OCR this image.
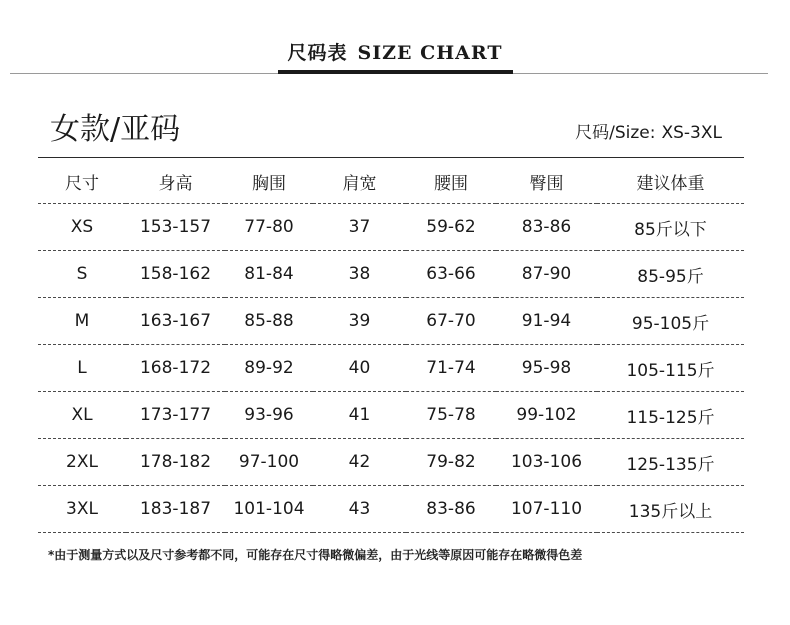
尺码表 SIZE CHART
女款/亚码	尺码/Size: XS-3XL
尺寸	身高	胸围	肩宽	腰围	臀围	建议体重
XS	153-157	77-80	37	59-62	83-86	85斤以下
S	158-162	81-84	38	63-66	87-90	85-95斤
M	163-167	85-88	39	67-70	91-94	95-105斤
L	168-172	89-92	40	71-74	95-98	105-115斤
XL	173-177	93-96	41	75-78	99-102	115-125斤
2XL	178-182	97-100	42	79-82	103-106	125-135斤
3XL	183-187	101-104	43	83-86	107-110	135斤以上
*由于测量方式以及尺寸参考都不同，可能存在尺寸得略微偏差，由于光线等原因可能存在略微得色差
